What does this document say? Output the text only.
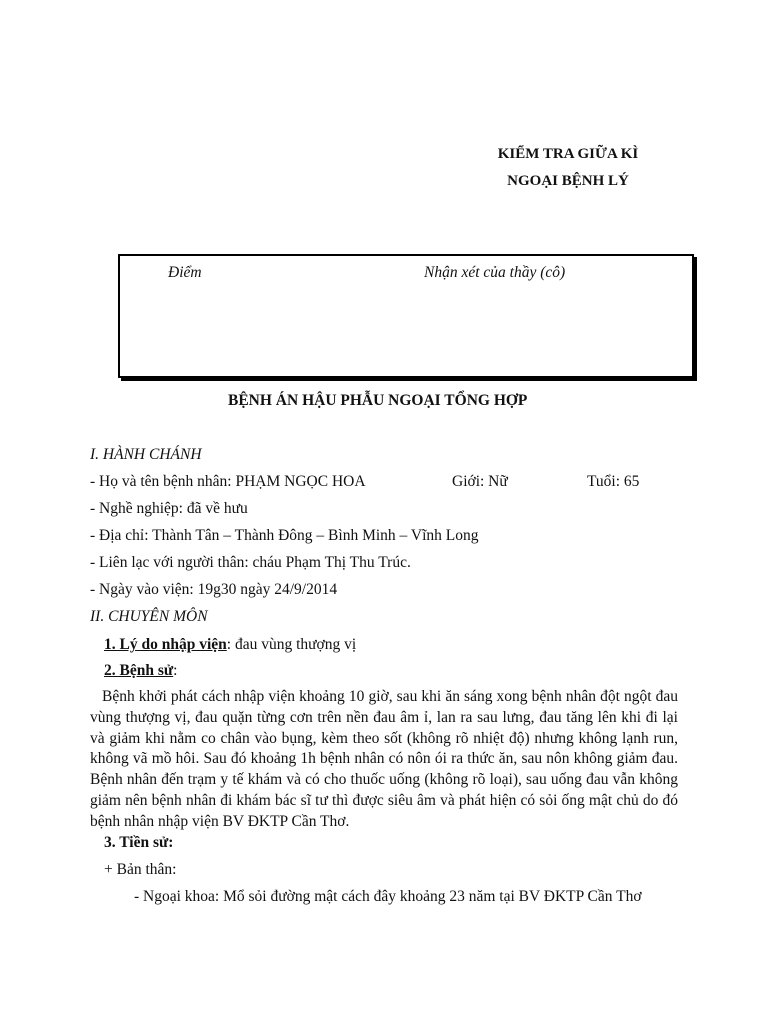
KIỂM TRA GIỮA KÌ
NGOẠI BỆNH LÝ
Điểm	Nhận xét của thầy (cô)
BỆNH ÁN HẬU PHẪU NGOẠI TỔNG HỢP
I. HÀNH CHÁNH
- Họ và tên bệnh nhân: PHẠM NGỌC HOA	Giới: Nữ	Tuổi: 65
- Nghề nghiệp: đã về hưu
- Địa chỉ: Thành Tân – Thành Đông – Bình Minh – Vĩnh Long
- Liên lạc với người thân: cháu Phạm Thị Thu Trúc.
- Ngày vào viện: 19g30 ngày 24/9/2014
II. CHUYÊN MÔN
1. Lý do nhập viện: đau vùng thượng vị
2. Bệnh sử:

Bệnh khởi phát cách nhập viện khoảng 10 giờ, sau khi ăn sáng xong bệnh nhân đột ngột đau vùng thượng vị, đau quặn từng cơn trên nền đau âm ỉ, lan ra sau lưng, đau tăng lên khi đi lại và giảm khi nằm co chân vào bụng, kèm theo sốt (không rõ nhiệt độ) nhưng không lạnh run, không vã mồ hôi. Sau đó khoảng 1h bệnh nhân có nôn ói ra thức ăn, sau nôn không giảm đau. Bệnh nhân đến trạm y tế khám và có cho thuốc uống (không rõ loại), sau uống đau vẫn không giảm nên bệnh nhân đi khám bác sĩ tư thì được siêu âm và phát hiện có sỏi ống mật chủ do đó bệnh nhân nhập viện BV ĐKTP Cần Thơ.

3. Tiền sử:
+ Bản thân:
- Ngoại khoa: Mổ sỏi đường mật cách đây khoảng 23 năm tại BV ĐKTP Cần Thơ
